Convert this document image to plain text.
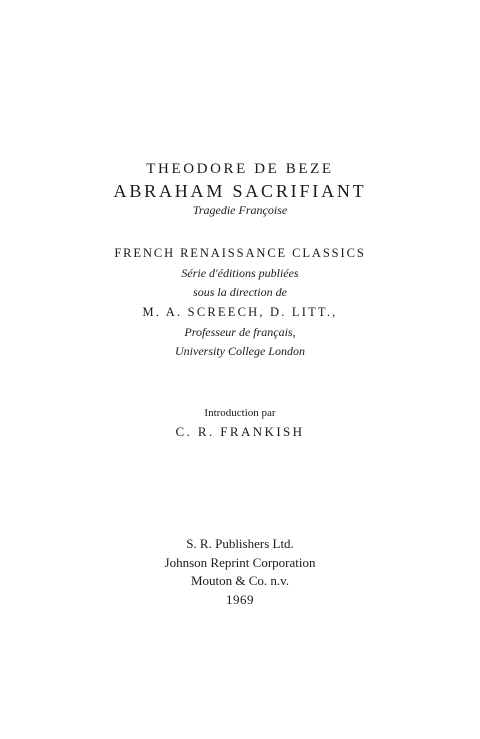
THEODORE DE BEZE
ABRAHAM SACRIFIANT
Tragedie Françoise
FRENCH RENAISSANCE CLASSICS
Série d'éditions publiées
sous la direction de
M. A. SCREECH, D. LITT.,
Professeur de français,
University College London
Introduction par
C. R. FRANKISH
S. R. Publishers Ltd.
Johnson Reprint Corporation
Mouton & Co. n.v.
1969
